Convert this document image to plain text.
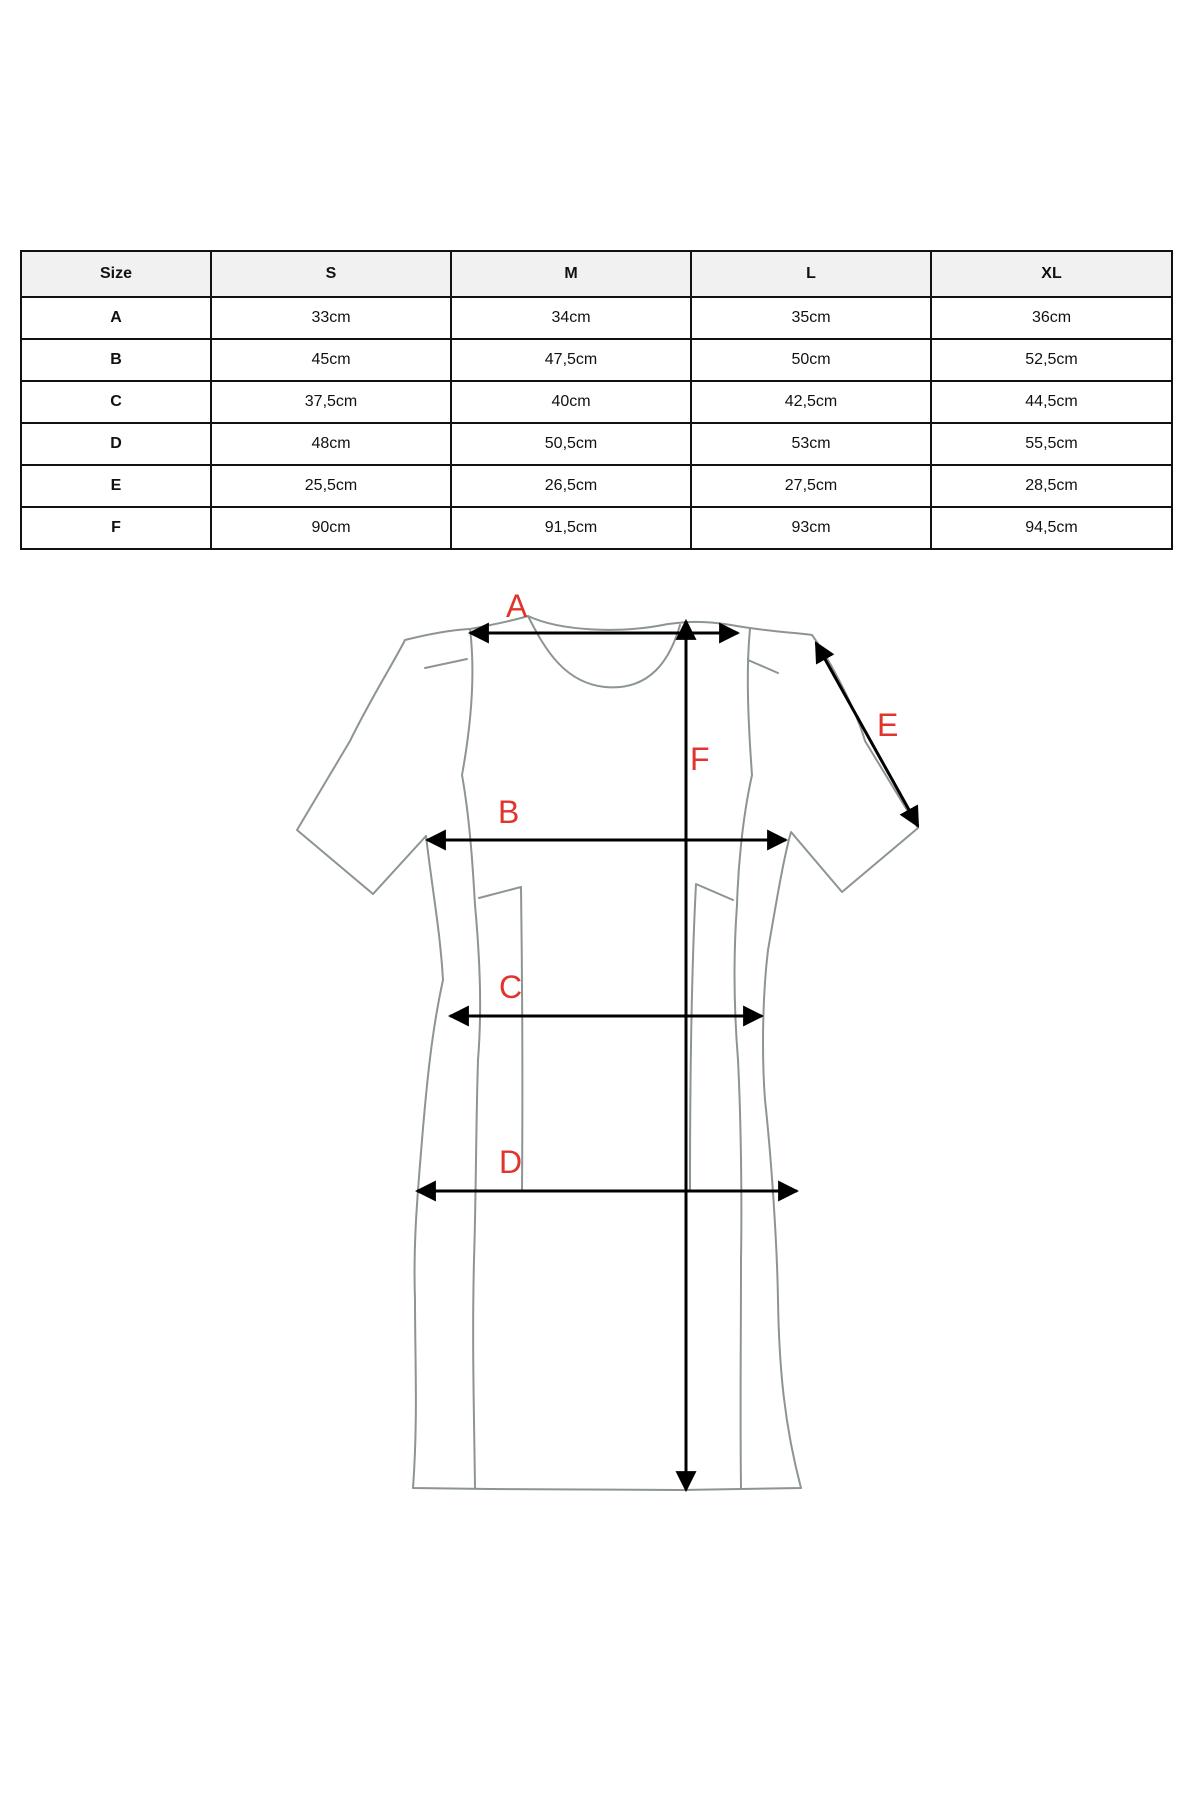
Size	S	M	L	XL
A	33cm	34cm	35cm	36cm
B	45cm	47,5cm	50cm	52,5cm
C	37,5cm	40cm	42,5cm	44,5cm
D	48cm	50,5cm	53cm	55,5cm
E	25,5cm	26,5cm	27,5cm	28,5cm
F	90cm	91,5cm	93cm	94,5cm
A
B
C
D
E
F
